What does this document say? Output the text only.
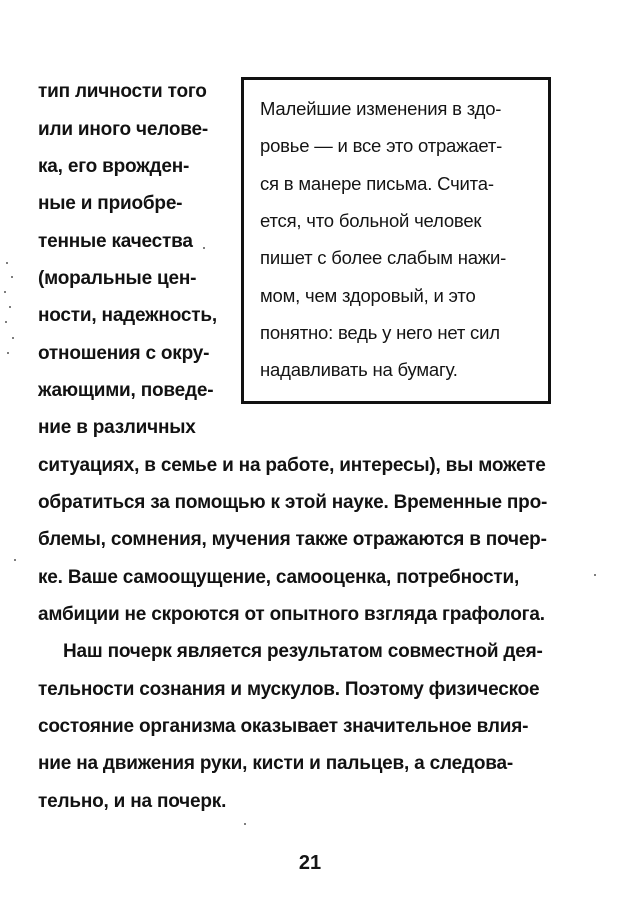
тип личности того
или иного челове-
ка, его врожден-
ные и приобре-
тенные качества
(моральные цен-
ности, надежность,
отношения с окру-
жающими, поведе-
ние в различных
Малейшие изменения в здо-
ровье — и все это отражает-
ся в манере письма. Счита-
ется, что больной человек
пишет с более слабым нажи-
мом, чем здоровый, и это
понятно: ведь у него нет сил
надавливать на бумагу.
ситуациях, в семье и на работе, интересы), вы можете
обратиться за помощью к этой науке. Временные про-
блемы, сомнения, мучения также отражаются в почер-
ке. Ваше самоощущение, самооценка, потребности,
амбиции не скроются от опытного взгляда графолога.
Наш почерк является результатом совместной дея-
тельности сознания и мускулов. Поэтому физическое
состояние организма оказывает значительное влия-
ние на движения руки, кисти и пальцев, а следова-
тельно, и на почерк.
21
